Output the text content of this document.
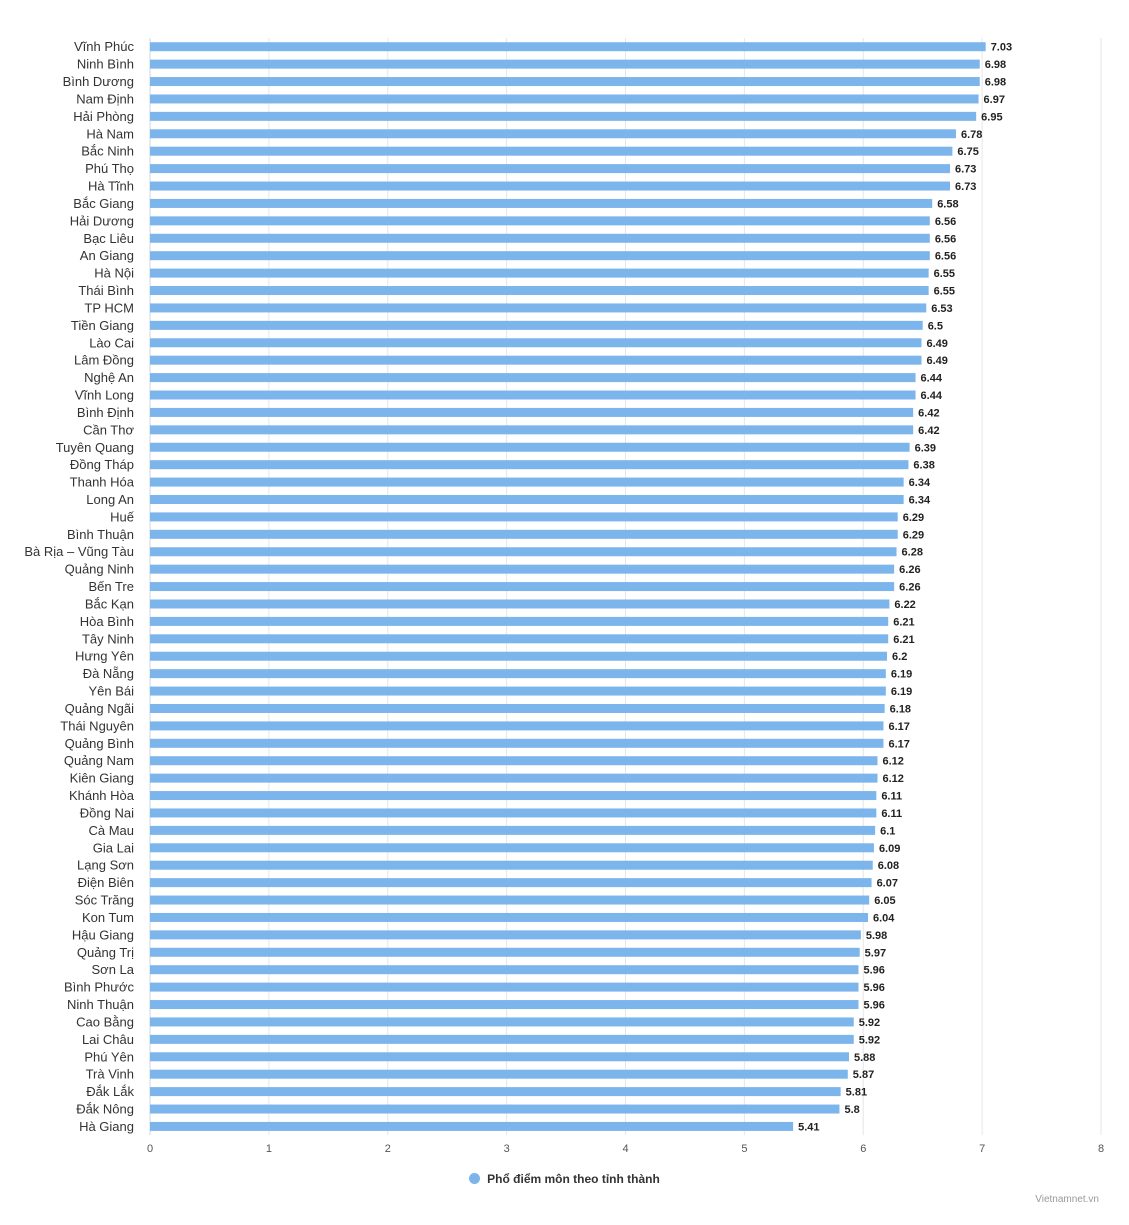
Vĩnh Phúc
Ninh Bình
Bình Dương
Nam Định
Hải Phòng
Hà Nam
Bắc Ninh
Phú Thọ
Hà Tĩnh
Bắc Giang
Hải Dương
Bạc Liêu
An Giang
Hà Nội
Thái Bình
TP HCM
Tiền Giang
Lào Cai
Lâm Đồng
Nghệ An
Vĩnh Long
Bình Định
Cần Thơ
Tuyên Quang
Đồng Tháp
Thanh Hóa
Long An
Huế
Bình Thuận
Bà Rịa – Vũng Tàu
Quảng Ninh
Bến Tre
Bắc Kạn
Hòa Bình
Tây Ninh
Hưng Yên
Đà Nẵng
Yên Bái
Quảng Ngãi
Thái Nguyên
Quảng Bình
Quảng Nam
Kiên Giang
Khánh Hòa
Đồng Nai
Cà Mau
Gia Lai
Lạng Sơn
Điện Biên
Sóc Trăng
Kon Tum
Hậu Giang
Quảng Trị
Sơn La
Bình Phước
Ninh Thuận
Cao Bằng
Lai Châu
Phú Yên
Trà Vinh
Đắk Lắk
Đắk Nông
Hà Giang
7.03
6.98
6.98
6.97
6.95
6.78
6.75
6.73
6.73
6.58
6.56
6.56
6.56
6.55
6.55
6.53
6.5
6.49
6.49
6.44
6.44
6.42
6.42
6.39
6.38
6.34
6.34
6.29
6.29
6.28
6.26
6.26
6.22
6.21
6.21
6.2
6.19
6.19
6.18
6.17
6.17
6.12
6.12
6.11
6.11
6.1
6.09
6.08
6.07
6.05
6.04
5.98
5.97
5.96
5.96
5.96
5.92
5.92
5.88
5.87
5.81
5.8
5.41
0	1	2	3	4	5	6	7	8
Phổ điểm môn theo tỉnh thành
Vietnamnet.vn
